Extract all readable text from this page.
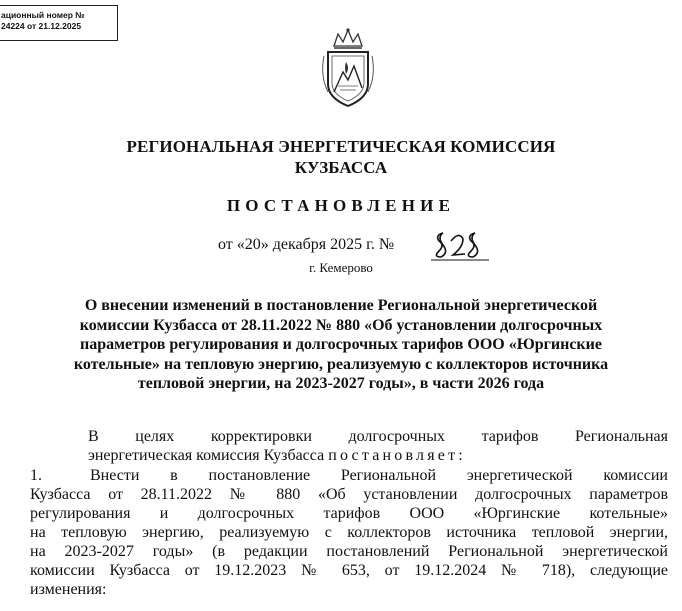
ационный номер №
24224 от 21.12.2025
РЕГИОНАЛЬНАЯ ЭНЕРГЕТИЧЕСКАЯ КОМИССИЯ
КУЗБАССА
ПОСТАНОВЛЕНИЕ
от «20» декабря 2025 г. №
г. Кемерово
О внесении изменений в постановление Региональной энергетической
комиссии Кузбасса от 28.11.2022 № 880 «Об установлении долгосрочных
параметров регулирования и долгосрочных тарифов ООО «Юргинские
котельные» на тепловую энергию, реализуемую с коллекторов источника
тепловой энергии, на 2023-2027 годы», в части 2026 года
В целях корректировки долгосрочных тарифов Региональная
энергетическая комиссия Кузбасса постановляет:
1.	Внести в постановление Региональной энергетической комиссии
Кузбасса от 28.11.2022 № 880 «Об установлении долгосрочных параметров
регулирования и долгосрочных тарифов ООО «Юргинские котельные»
на тепловую энергию, реализуемую с коллекторов источника тепловой энергии,
на 2023-2027 годы» (в редакции постановлений Региональной энергетической
комиссии Кузбасса от 19.12.2023 № 653, от 19.12.2024 № 718), следующие
изменения:
